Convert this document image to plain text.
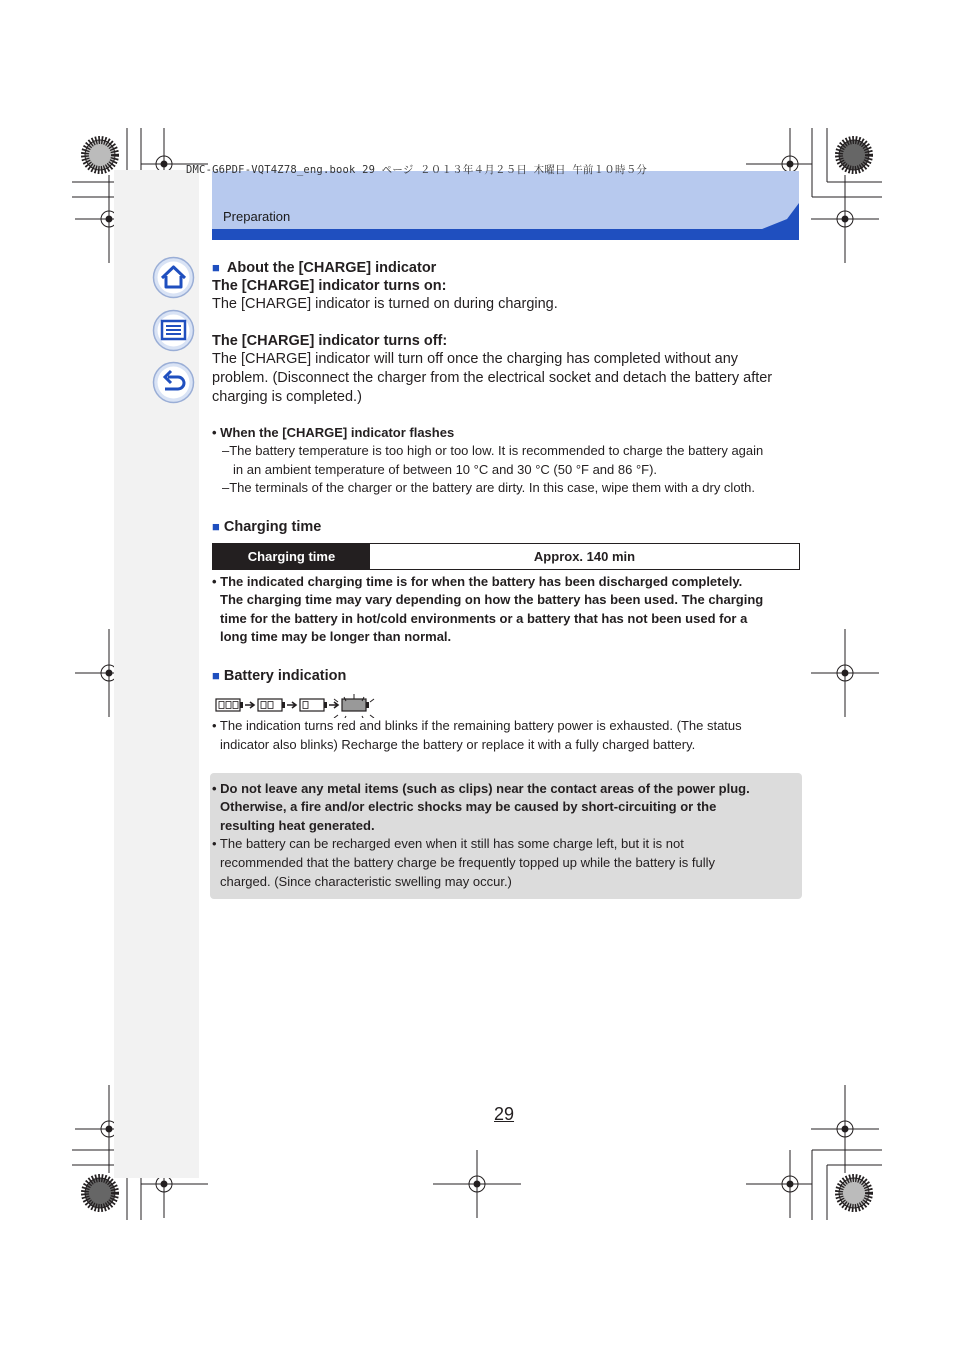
Preparation
DMC-G6PDF-VQT4Z78_eng.book 29 ページ ２０１３年４月２５日 木曜日 午前１０時５分
■ About the [CHARGE] indicator
The [CHARGE] indicator turns on:
The [CHARGE] indicator is turned on during charging.
The [CHARGE] indicator turns off:
The [CHARGE] indicator will turn off once the charging has completed without any
problem. (Disconnect the charger from the electrical socket and detach the battery after
charging is completed.)
• When the [CHARGE] indicator flashes
–The battery temperature is too high or too low. It is recommended to charge the battery again
in an ambient temperature of between 10 °C and 30 °C (50 °F and 86 °F).
–The terminals of the charger or the battery are dirty. In this case, wipe them with a dry cloth.
■ Charging time
Charging time	Approx. 140 min
• The indicated charging time is for when the battery has been discharged completely.
The charging time may vary depending on how the battery has been used. The charging
time for the battery in hot/cold environments or a battery that has not been used for a
long time may be longer than normal.
■ Battery indication
• The indication turns red and blinks if the remaining battery power is exhausted. (The status
indicator also blinks) Recharge the battery or replace it with a fully charged battery.
• Do not leave any metal items (such as clips) near the contact areas of the power plug.
Otherwise, a fire and/or electric shocks may be caused by short-circuiting or the
resulting heat generated.
• The battery can be recharged even when it still has some charge left, but it is not
recommended that the battery charge be frequently topped up while the battery is fully
charged. (Since characteristic swelling may occur.)
29
